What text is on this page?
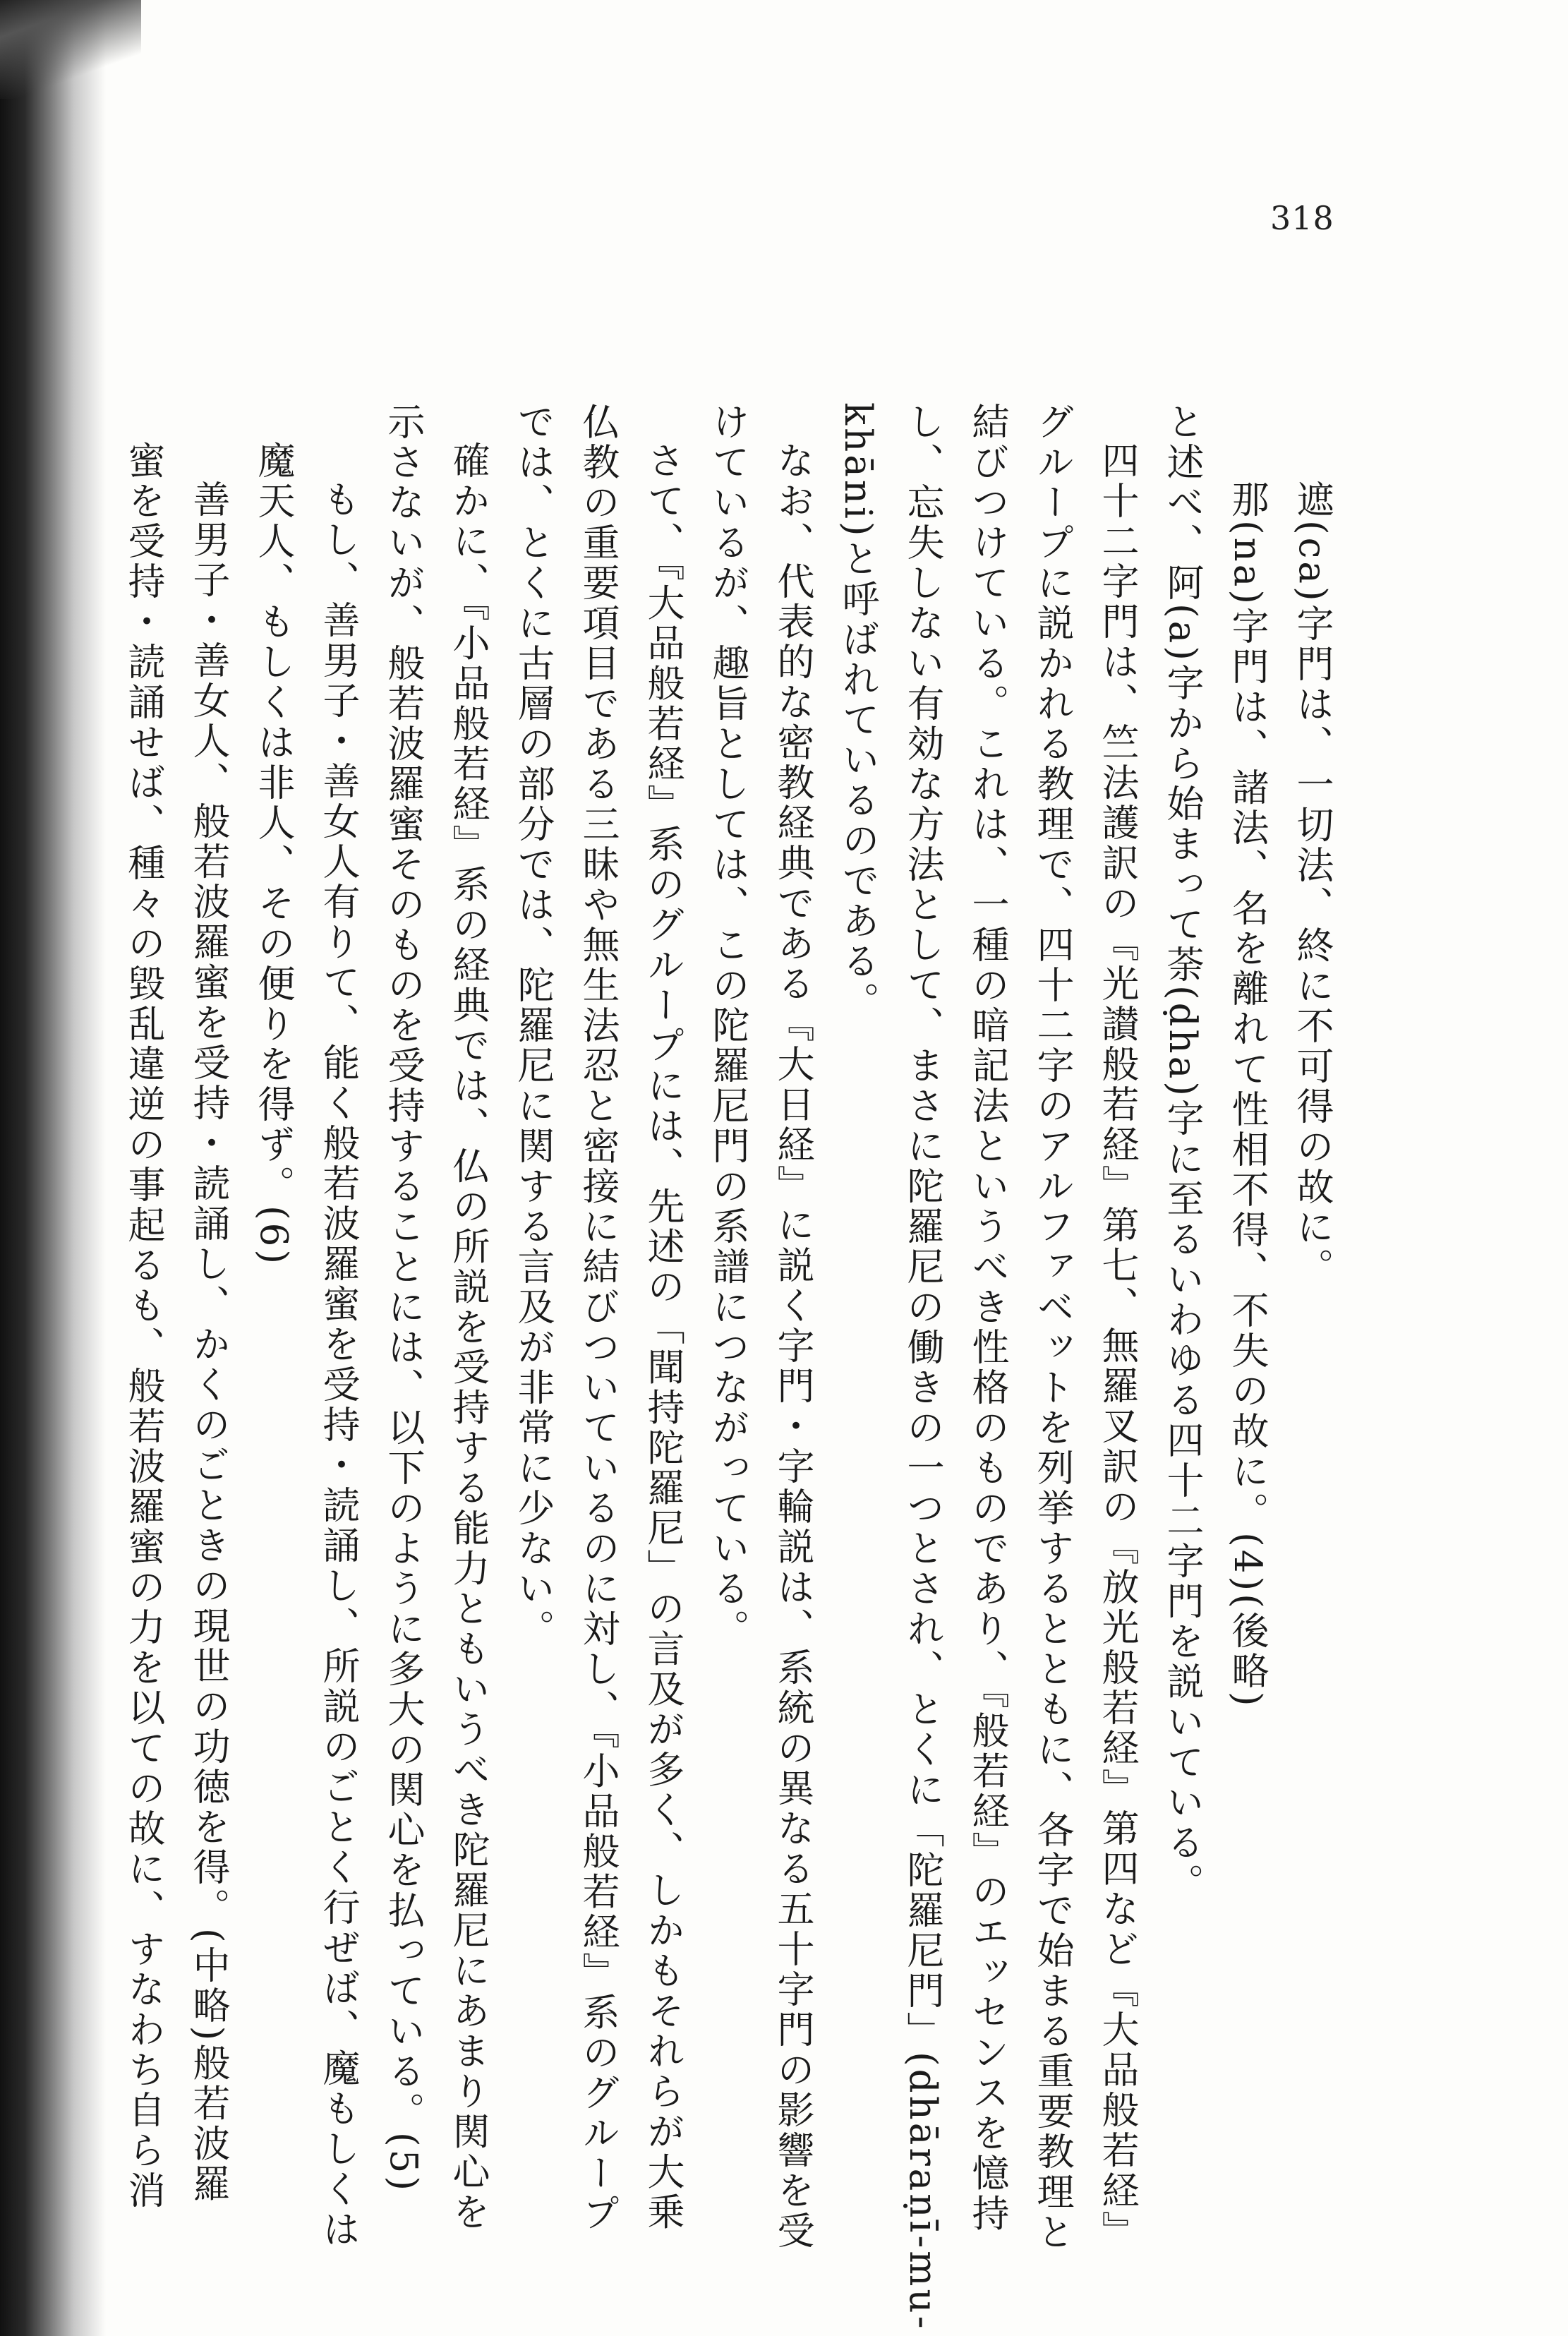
318
遮(ca)字門は、一切法、終に不可得の故に。
那(na)字門は、諸法、名を離れて性相不得、不失の故に。(4)(後略)
と述べ、阿(a)字から始まって荼(ḍha)字に至るいわゆる四十二字門を説いている。
四十二字門は、竺法護訳の『光讃般若経』第七、無羅叉訳の『放光般若経』第四など『大品般若経』
グループに説かれる教理で、四十二字のアルファベットを列挙するとともに、各字で始まる重要教理と
結びつけている。これは、一種の暗記法というべき性格のものであり、『般若経』のエッセンスを憶持
し、忘失しない有効な方法として、まさに陀羅尼の働きの一つとされ、とくに「陀羅尼門」(dhāraṇī-mu-
khāni)と呼ばれているのである。
なお、代表的な密教経典である『大日経』に説く字門・字輪説は、系統の異なる五十字門の影響を受
けているが、趣旨としては、この陀羅尼門の系譜につながっている。
さて、『大品般若経』系のグループには、先述の「聞持陀羅尼」の言及が多く、しかもそれらが大乗
仏教の重要項目である三昧や無生法忍と密接に結びついているのに対し、『小品般若経』系のグループ
では、とくに古層の部分では、陀羅尼に関する言及が非常に少ない。
確かに、『小品般若経』系の経典では、仏の所説を受持する能力ともいうべき陀羅尼にあまり関心を
示さないが、般若波羅蜜そのものを受持することには、以下のように多大の関心を払っている。(5)
もし、善男子・善女人有りて、能く般若波羅蜜を受持・読誦し、所説のごとく行ぜば、魔もしくは
魔天人、もしくは非人、その便りを得ず。(6)
善男子・善女人、般若波羅蜜を受持・読誦し、かくのごときの現世の功徳を得。(中略)般若波羅
蜜を受持・読誦せば、種々の毀乱違逆の事起るも、般若波羅蜜の力を以ての故に、すなわち自ら消
